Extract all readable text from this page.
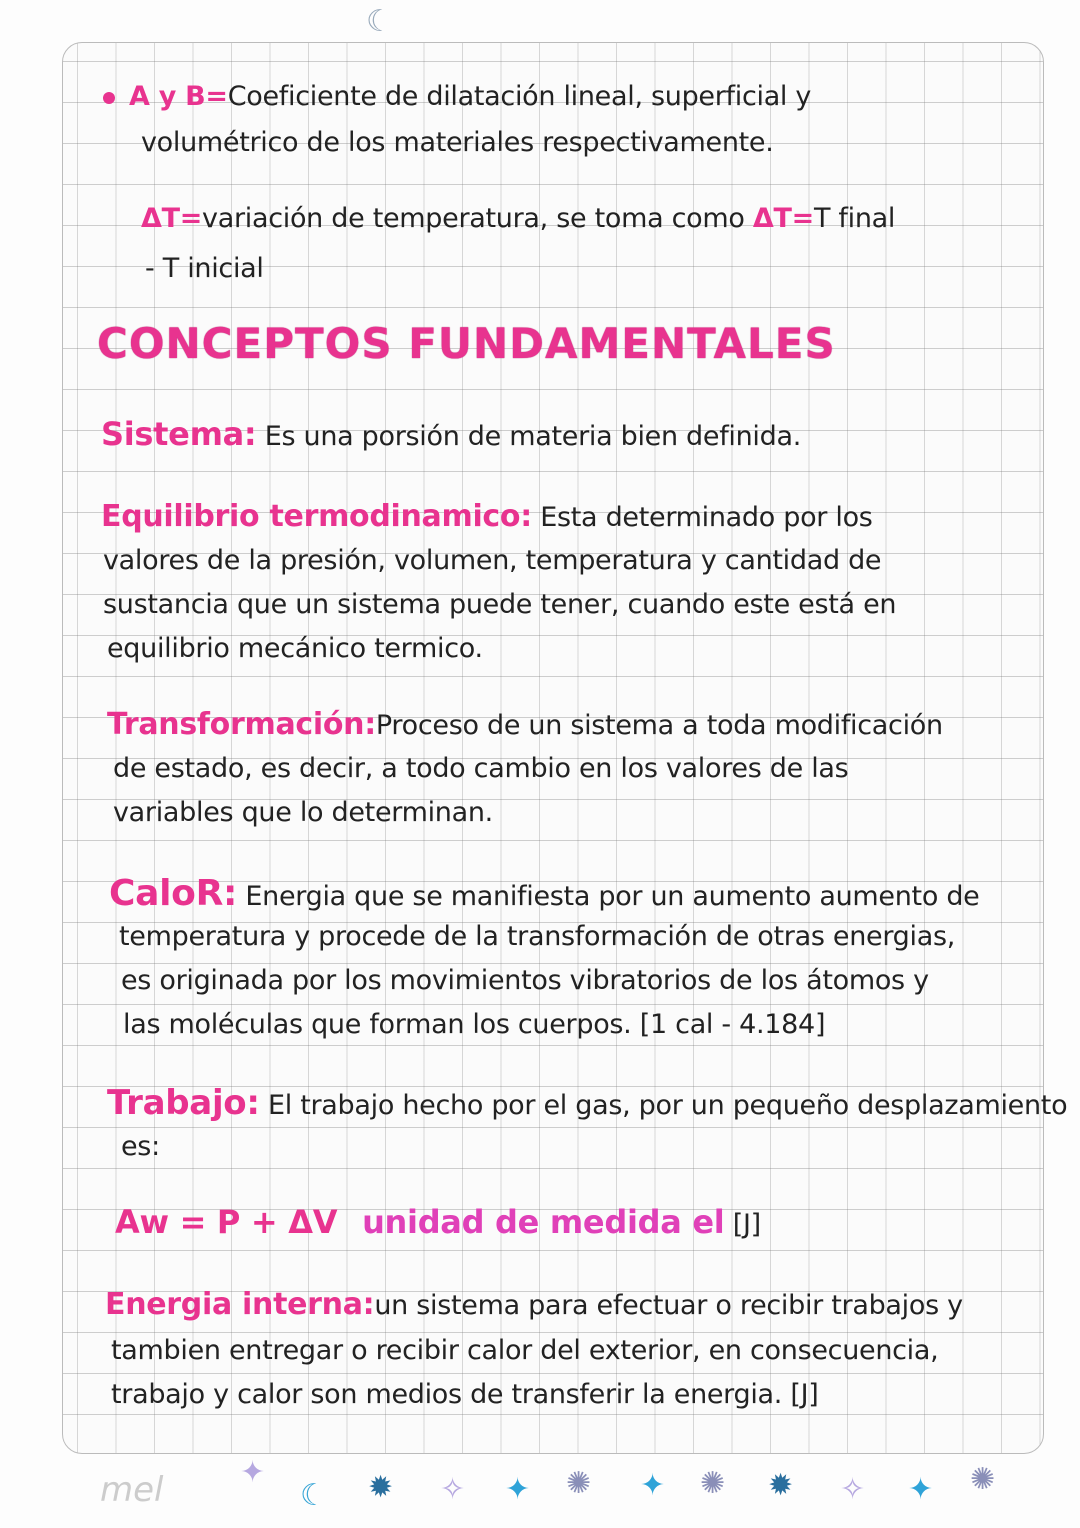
☾
A y B=Coeficiente de dilatación lineal, superficial y
volumétrico de los materiales respectivamente.
ΔT=variación de temperatura, se toma como ΔT=T final
- T inicial
CONCEPTOS FUNDAMENTALES
Sistema: Es una porsión de materia bien definida.
Equilibrio termodinamico: Esta determinado por los
valores de la presión, volumen, temperatura y cantidad de
sustancia que un sistema puede tener, cuando este está en
equilibrio mecánico termico.
Transformación:Proceso de un sistema a toda modificación
de estado, es decir, a todo cambio en los valores de las
variables que lo determinan.
CaloR: Energia que se manifiesta por un aumento aumento de
temperatura y procede de la transformación de otras energias,
es originada por los movimientos vibratorios de los átomos y
las moléculas que forman los cuerpos. [1 cal - 4.184]
Trabajo: El trabajo hecho por el gas, por un pequeño desplazamiento
es:
Aw = P + ΔV unidad de medida el [J]
Energia interna:un sistema para efectuar o recibir trabajos y
tambien entregar o recibir calor del exterior, en consecuencia,
trabajo y calor son medios de transferir la energia. [J]
mel	✦
☾ ✹ ✧ ✦ ✺ ✦ ✺ ✹ ✧ ✦ ✺
